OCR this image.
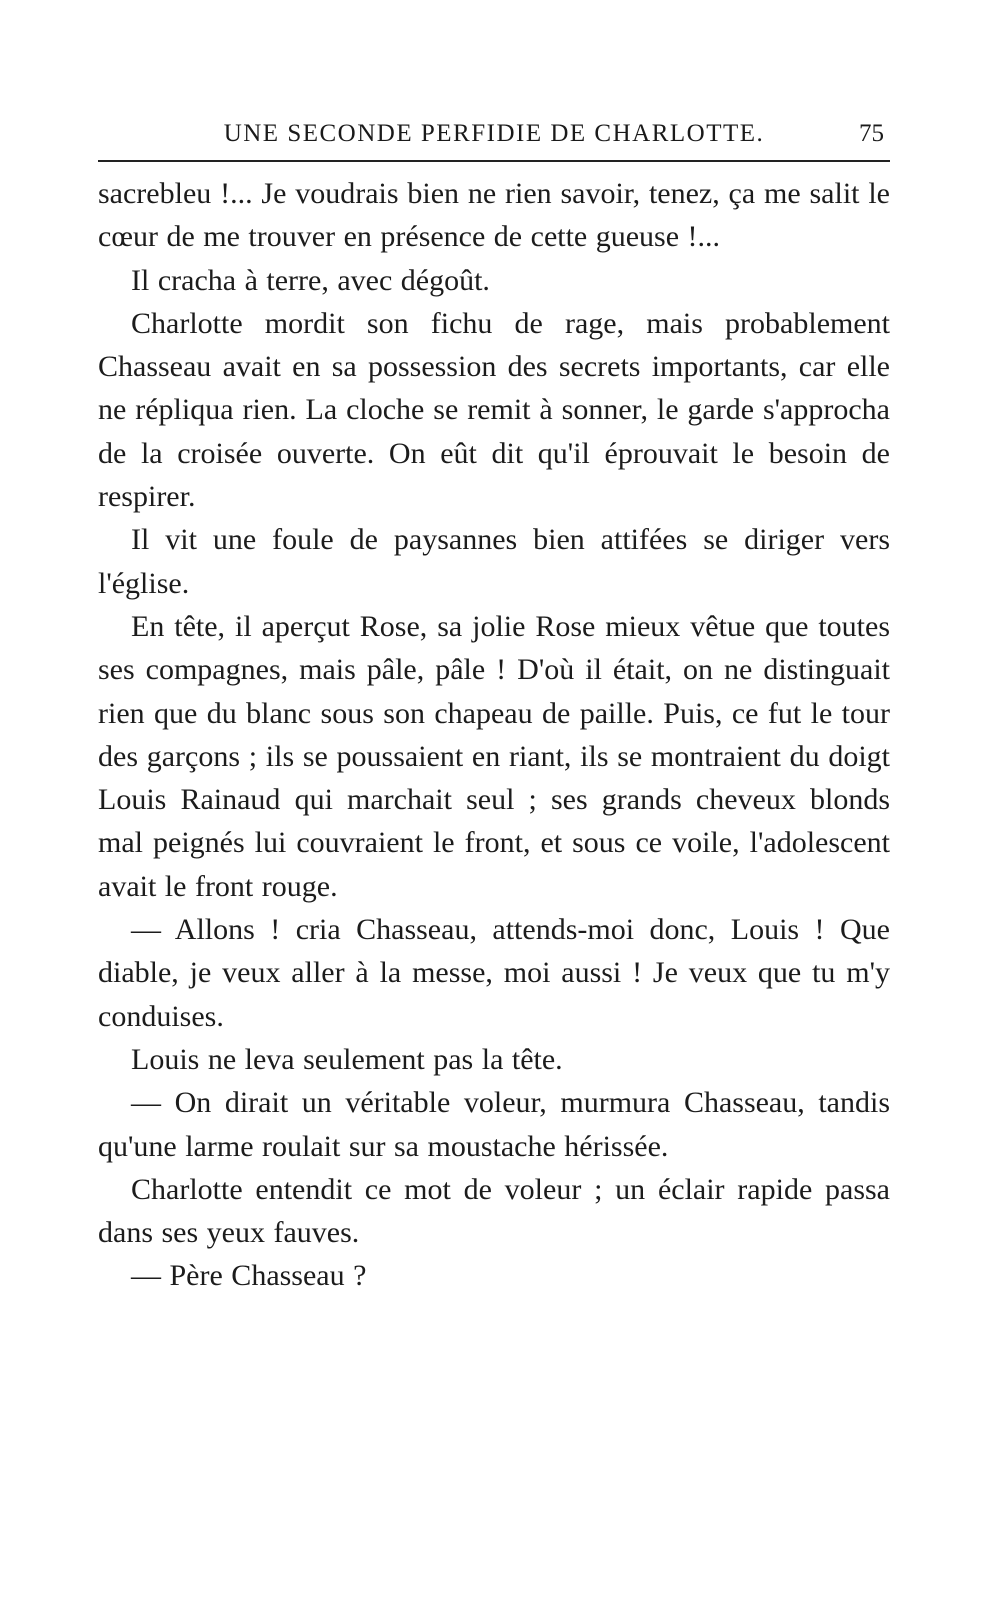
UNE SECONDE PERFIDIE DE CHARLOTTE.	75

sacrebleu !... Je voudrais bien ne rien savoir, tenez, ça me salit le cœur de me trouver en présence de cette gueuse !...

Il cracha à terre, avec dégoût.

Charlotte mordit son fichu de rage, mais probablement Chasseau avait en sa possession des secrets importants, car elle ne répliqua rien. La cloche se remit à sonner, le garde s'approcha de la croisée ouverte. On eût dit qu'il éprouvait le besoin de respirer.

Il vit une foule de paysannes bien attifées se diriger vers l'église.

En tête, il aperçut Rose, sa jolie Rose mieux vêtue que toutes ses compagnes, mais pâle, pâle ! D'où il était, on ne distinguait rien que du blanc sous son chapeau de paille. Puis, ce fut le tour des garçons ; ils se poussaient en riant, ils se montraient du doigt Louis Rainaud qui marchait seul ; ses grands cheveux blonds mal peignés lui couvraient le front, et sous ce voile, l'adolescent avait le front rouge.

— Allons ! cria Chasseau, attends-moi donc, Louis ! Que diable, je veux aller à la messe, moi aussi ! Je veux que tu m'y conduises.

Louis ne leva seulement pas la tête.

— On dirait un véritable voleur, murmura Chasseau, tandis qu'une larme roulait sur sa moustache hérissée.

Charlotte entendit ce mot de voleur ; un éclair rapide passa dans ses yeux fauves.

— Père Chasseau ?
